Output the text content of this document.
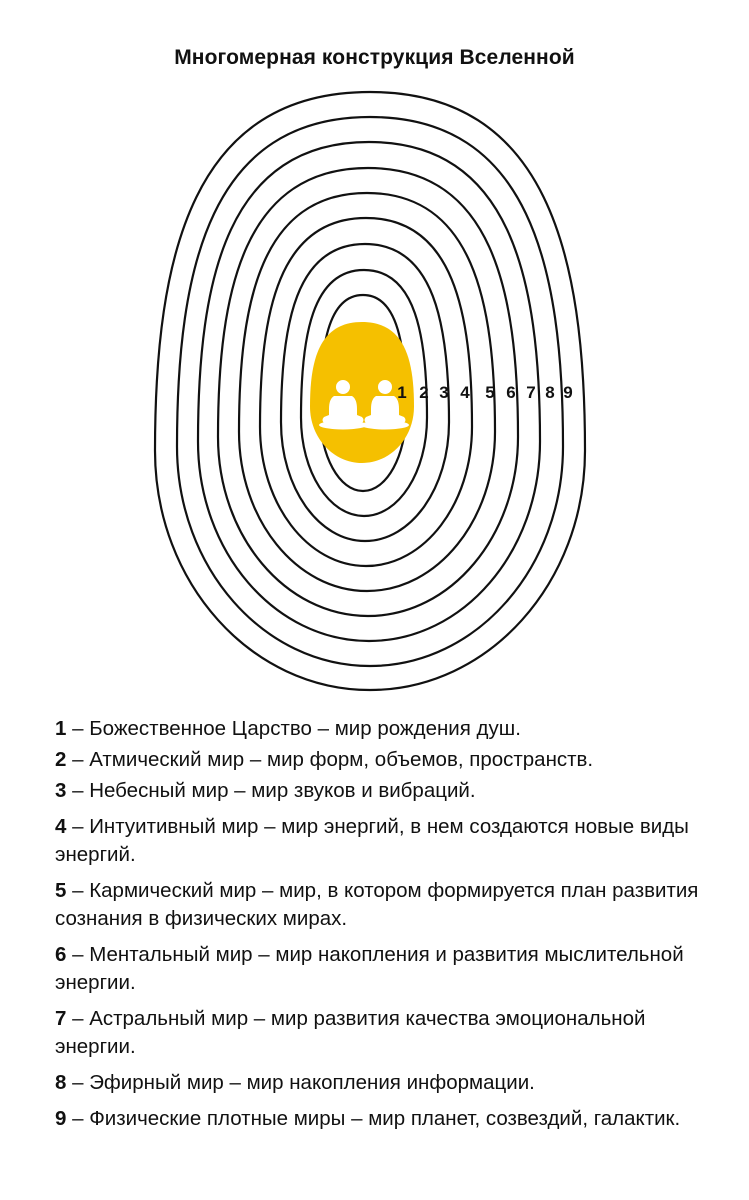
Многомерная конструкция Вселенной
1 2 3 4 5 6 7 8 9
1 – Божественное Царство – мир рождения душ.
2 – Атмический мир – мир форм, объемов, пространств.
3 – Небесный мир – мир звуков и вибраций.
4 – Интуитивный мир – мир энергий, в нем создаются новые виды энергий.
5 – Кармический мир – мир, в котором формируется план развития сознания в физических мирах.
6 – Ментальный мир – мир накопления и развития мыслительной энергии.
7 – Астральный мир – мир развития качества эмоциональной энергии.
8 – Эфирный мир – мир накопления информации.
9 – Физические плотные миры – мир планет, созвездий, галактик.
